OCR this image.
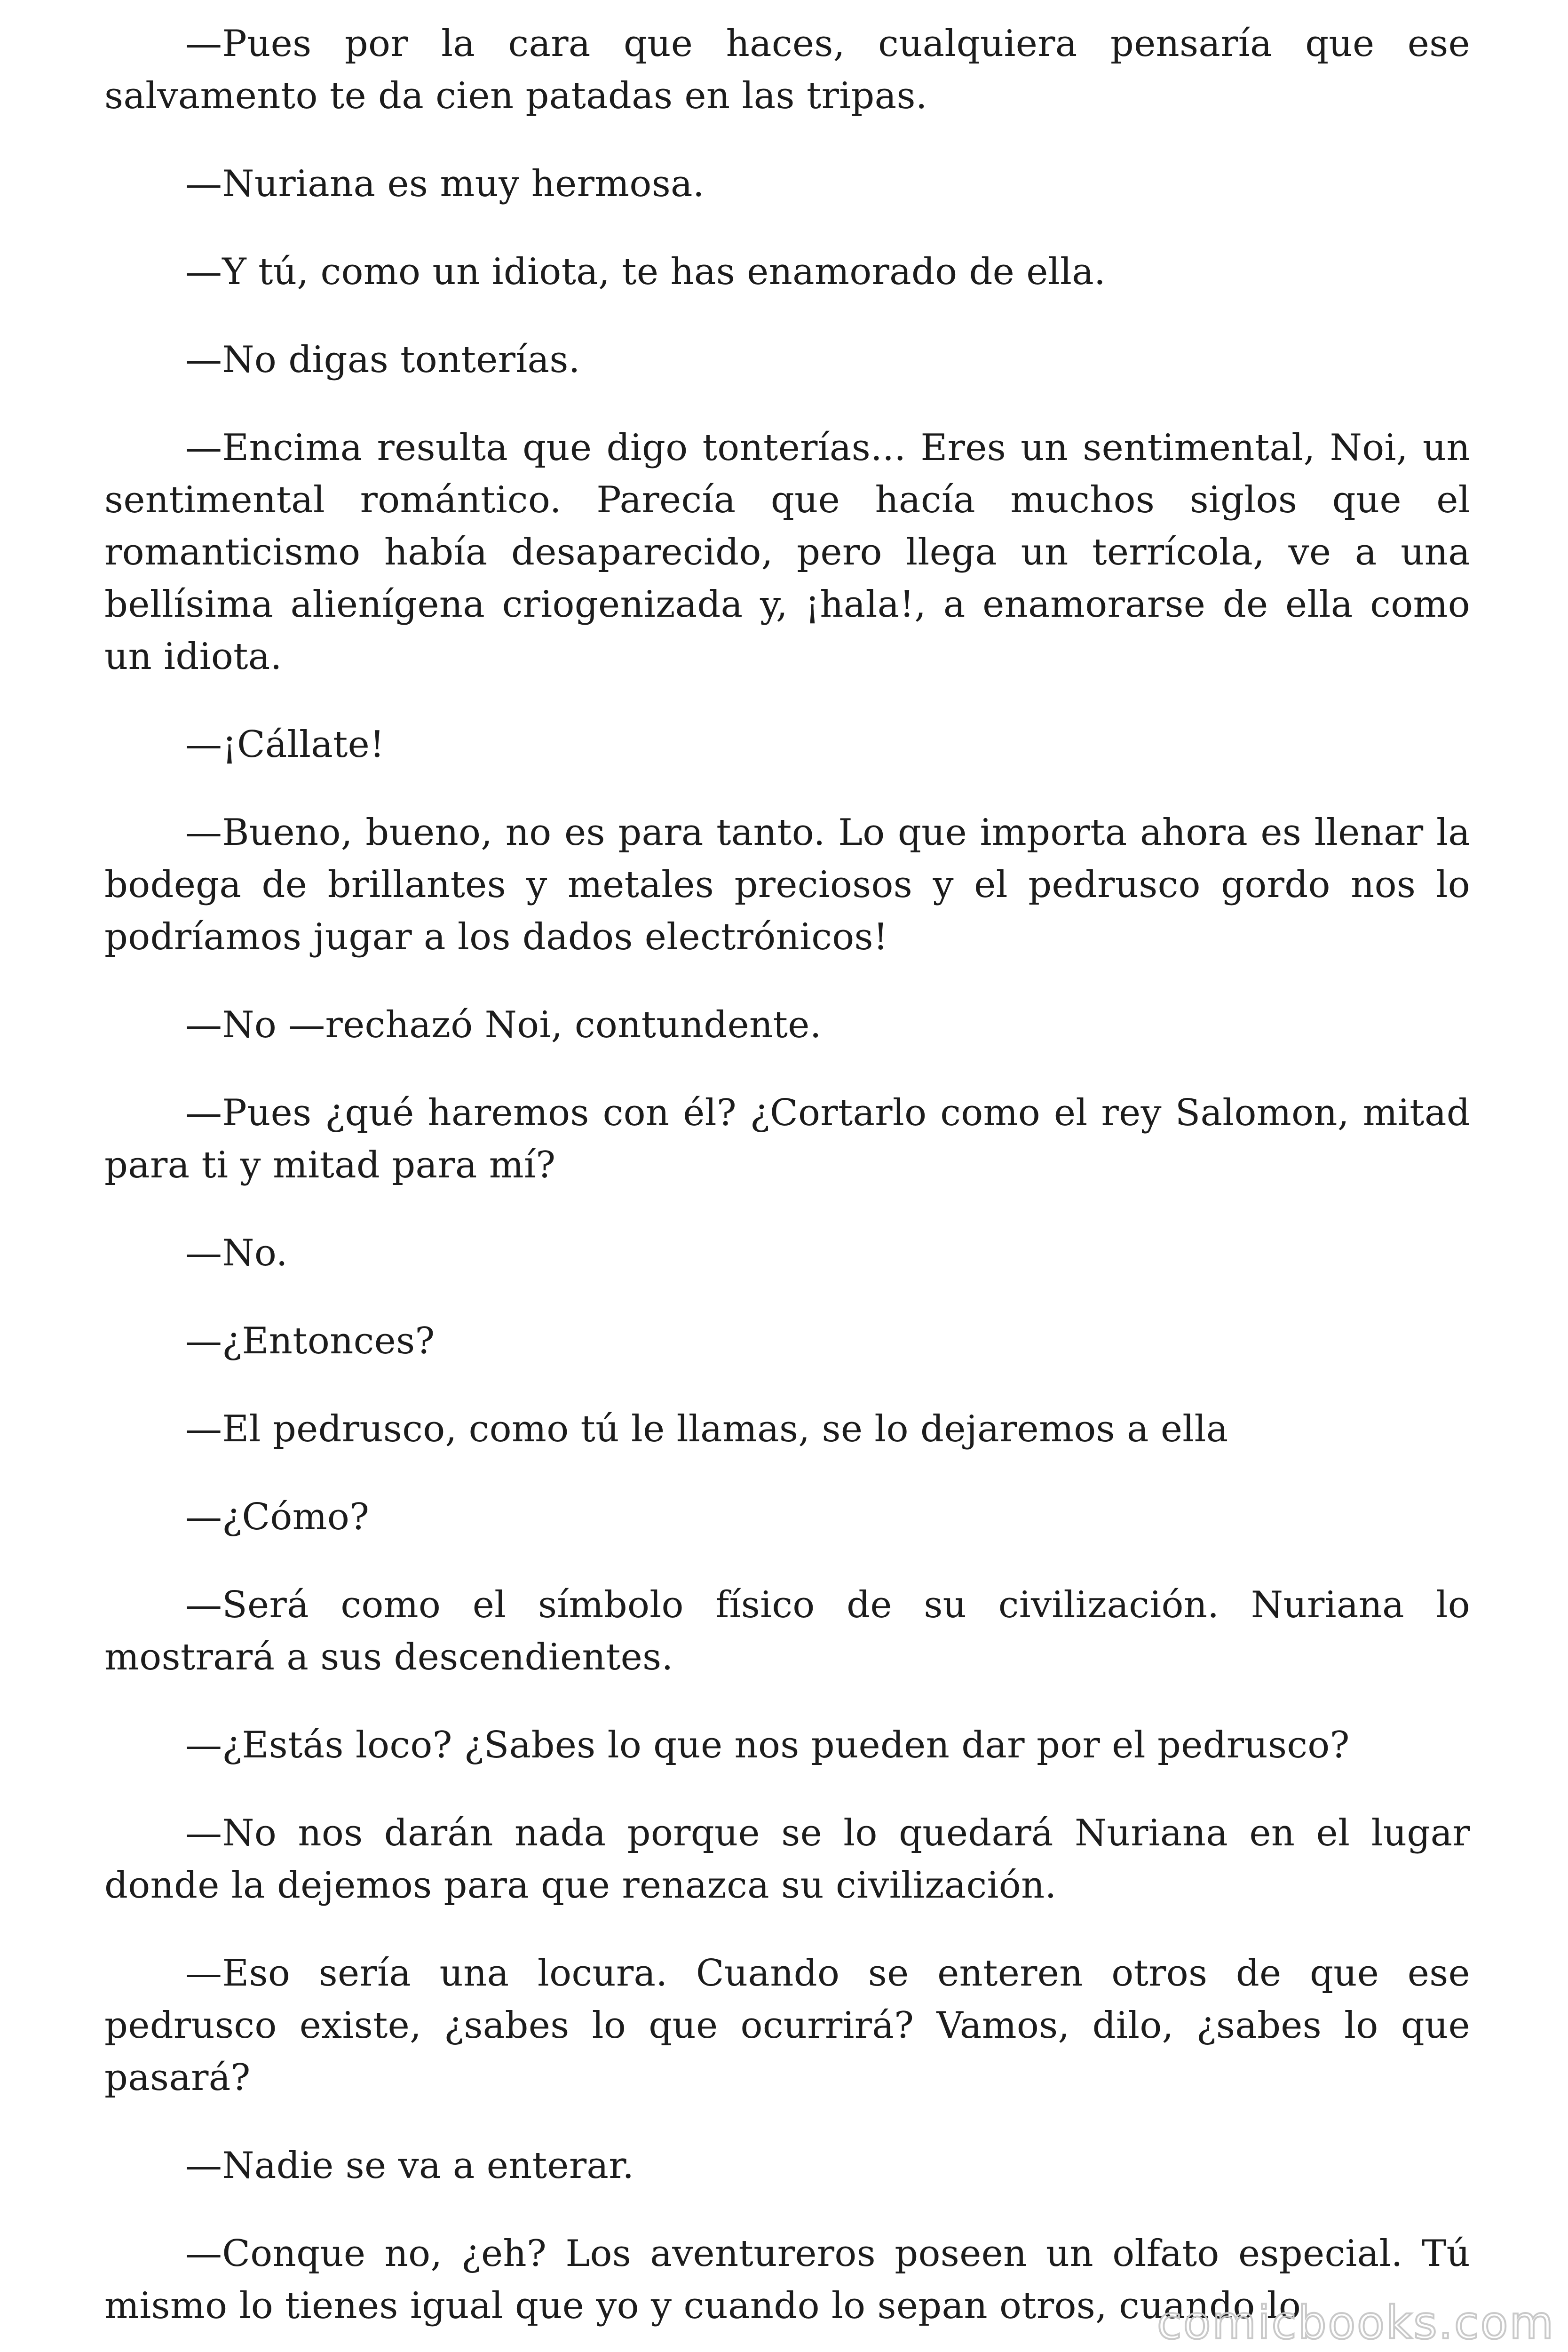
—Pues por la cara que haces, cualquiera pensaría que ese salvamento te da cien patadas en las tripas.

—Nuriana es muy hermosa.

—Y tú, como un idiota, te has enamorado de ella.

—No digas tonterías.

—Encima resulta que digo tonterías... Eres un sentimental, Noi, un sentimental romántico. Parecía que hacía muchos siglos que el romanticismo había desaparecido, pero llega un terrícola, ve a una bellísima alienígena criogenizada y, ¡hala!, a enamorarse de ella como un idiota.

—¡Cállate!

—Bueno, bueno, no es para tanto. Lo que importa ahora es llenar la bodega de brillantes y metales preciosos y el pedrusco gordo nos lo podríamos jugar a los dados electrónicos!

—No —rechazó Noi, contundente.

—Pues ¿qué haremos con él? ¿Cortarlo como el rey Salomon, mitad para ti y mitad para mí?

—No.

—¿Entonces?

—El pedrusco, como tú le llamas, se lo dejaremos a ella

—¿Cómo?

—Será como el símbolo físico de su civilización. Nuriana lo mostrará a sus descendientes.

—¿Estás loco? ¿Sabes lo que nos pueden dar por el pedrusco?

—No nos darán nada porque se lo quedará Nuriana en el lugar donde la dejemos para que renazca su civilización.

—Eso sería una locura. Cuando se enteren otros de que ese pedrusco existe, ¿sabes lo que ocurrirá? Vamos, dilo, ¿sabes lo que pasará?

—Nadie se va a enterar.

—Conque no, ¿eh? Los aventureros poseen un olfato especial. Tú mismo lo tienes igual que yo y cuando lo sepan otros, cuando lo

comicbooks.com
